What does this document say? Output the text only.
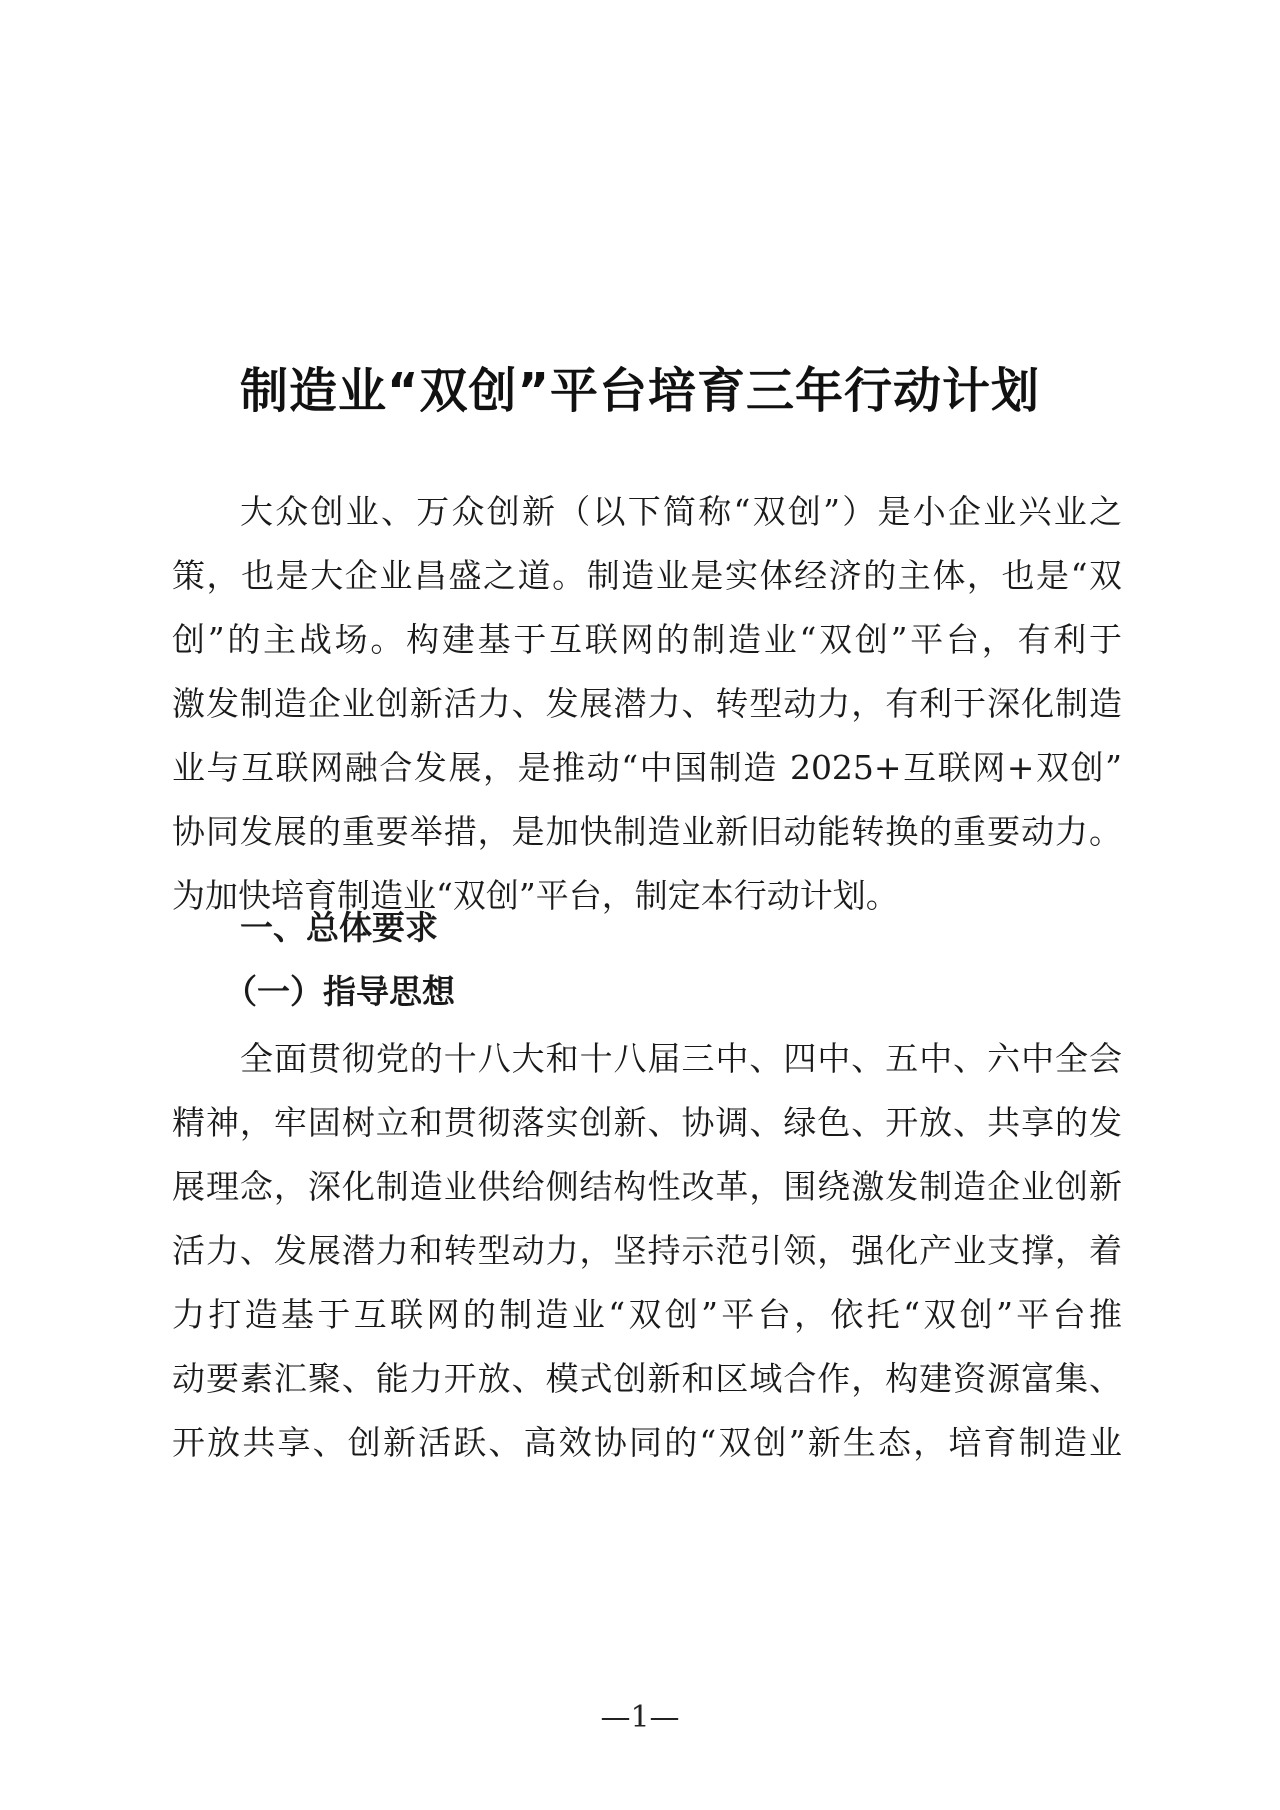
制造业“双创”平台培育三年行动计划
大众创业、万众创新（以下简称“双创”）是小企业兴业之
策，也是大企业昌盛之道。制造业是实体经济的主体，也是“双
创”的主战场。构建基于互联网的制造业“双创”平台，有利于
激发制造企业创新活力、发展潜力、转型动力，有利于深化制造
业与互联网融合发展，是推动“中国制造 2025+互联网+双创”
协同发展的重要举措，是加快制造业新旧动能转换的重要动力。
为加快培育制造业“双创”平台，制定本行动计划。
一、总体要求
（一）指导思想
全面贯彻党的十八大和十八届三中、四中、五中、六中全会
精神，牢固树立和贯彻落实创新、协调、绿色、开放、共享的发
展理念，深化制造业供给侧结构性改革，围绕激发制造企业创新
活力、发展潜力和转型动力，坚持示范引领，强化产业支撑，着
力打造基于互联网的制造业“双创”平台，依托“双创”平台推
动要素汇聚、能力开放、模式创新和区域合作，构建资源富集、
开放共享、创新活跃、高效协同的“双创”新生态，培育制造业
—1—
